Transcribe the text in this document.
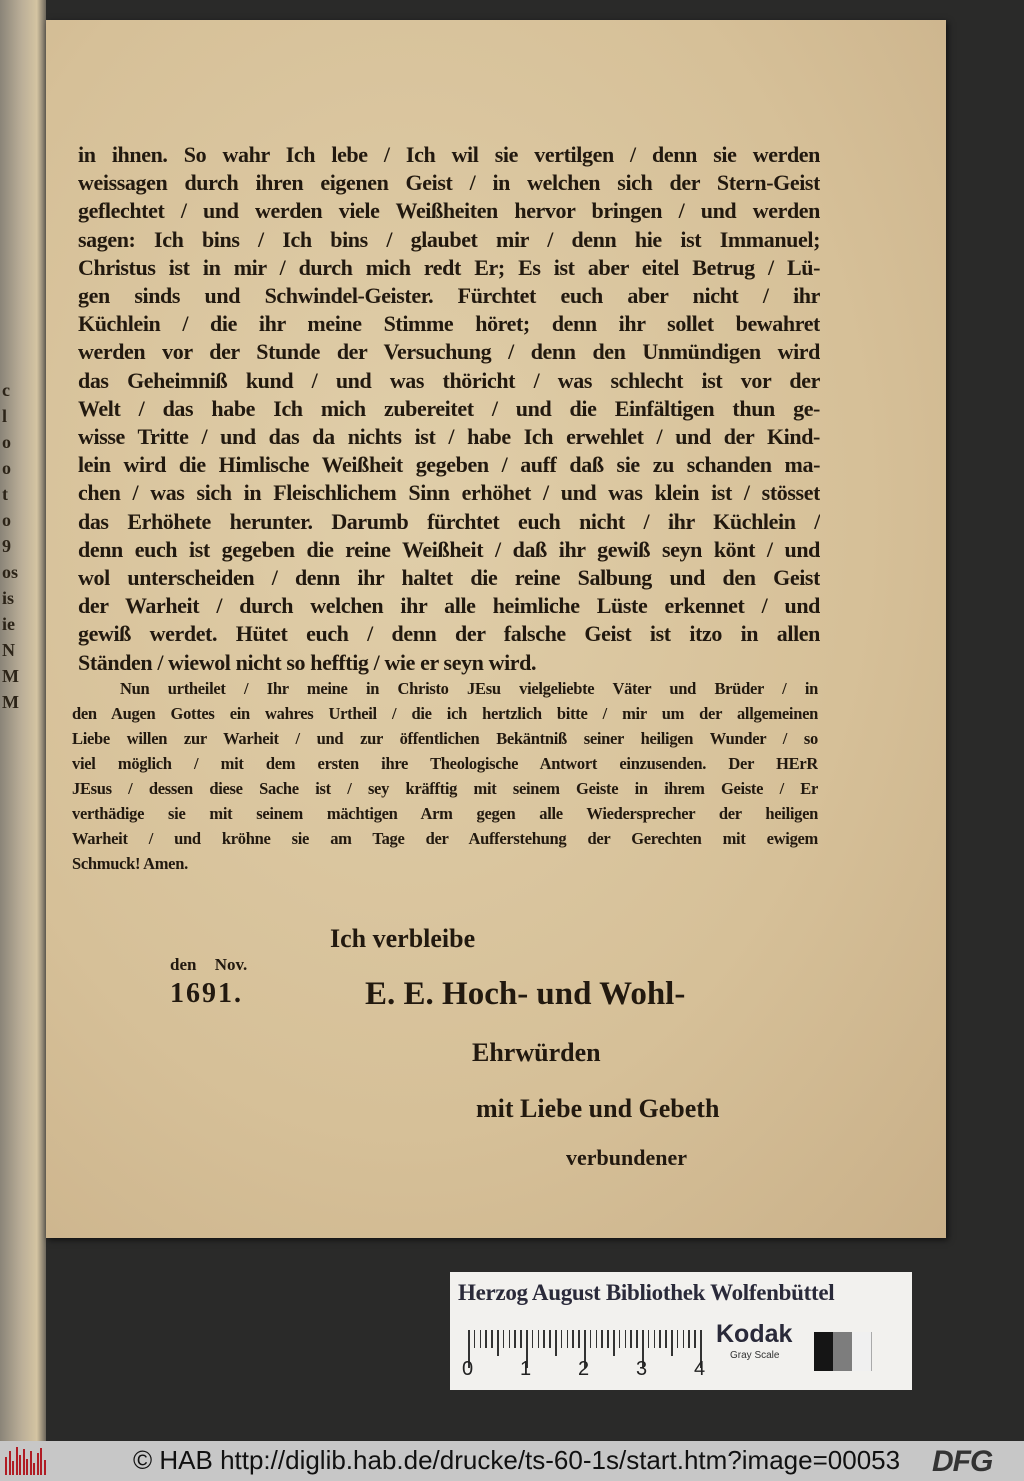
c
l
o
o
t
o
9
os
is
ie
N
M
M
in ihnen. So wahr Ich lebe / Ich wil sie vertilgen / denn sie werden
weissagen durch ihren eigenen Geist / in welchen sich der Stern-Geist
geflechtet / und werden viele Weißheiten hervor bringen / und werden
sagen: Ich bins / Ich bins / glaubet mir / denn hie ist Immanuel;
Christus ist in mir / durch mich redt Er; Es ist aber eitel Betrug / Lü-
gen sinds und Schwindel-Geister. Fürchtet euch aber nicht / ihr
Küchlein / die ihr meine Stimme höret; denn ihr sollet bewahret
werden vor der Stunde der Versuchung / denn den Unmündigen wird
das Geheimniß kund / und was thöricht / was schlecht ist vor der
Welt / das habe Ich mich zubereitet / und die Einfältigen thun ge-
wisse Tritte / und das da nichts ist / habe Ich erwehlet / und der Kind-
lein wird die Himlische Weißheit gegeben / auff daß sie zu schanden ma-
chen / was sich in Fleischlichem Sinn erhöhet / und was klein ist / stösset
das Erhöhete herunter. Darumb fürchtet euch nicht / ihr Küchlein /
denn euch ist gegeben die reine Weißheit / daß ihr gewiß seyn könt / und
wol unterscheiden / denn ihr haltet die reine Salbung und den Geist
der Warheit / durch welchen ihr alle heimliche Lüste erkennet / und
gewiß werdet. Hütet euch / denn der falsche Geist ist itzo in allen
Ständen / wiewol nicht so hefftig / wie er seyn wird.
Nun urtheilet / Ihr meine in Christo JEsu vielgeliebte Väter und Brüder / in
den Augen Gottes ein wahres Urtheil / die ich hertzlich bitte / mir um der allgemeinen
Liebe willen zur Warheit / und zur öffentlichen Bekäntniß seiner heiligen Wunder / so
viel möglich / mit dem ersten ihre Theologische Antwort einzusenden. Der HErR
JEsus / dessen diese Sache ist / sey kräfftig mit seinem Geiste in ihrem Geiste / Er
verthädige sie mit seinem mächtigen Arm gegen alle Wiedersprecher der heiligen
Warheit / und kröhne sie am Tage der Aufferstehung der Gerechten mit ewigem
Schmuck! Amen.
Ich verbleibe
den Nov.
1691.	E. E. Hoch- und Wohl-
Ehrwürden
mit Liebe und Gebeth
verbundener
Herzog August Bibliothek Wolfenbüttel
0 1 2 3 4
Kodak
Gray Scale
© HAB http://diglib.hab.de/drucke/ts-60-1s/start.htm?image=00053 DFG
